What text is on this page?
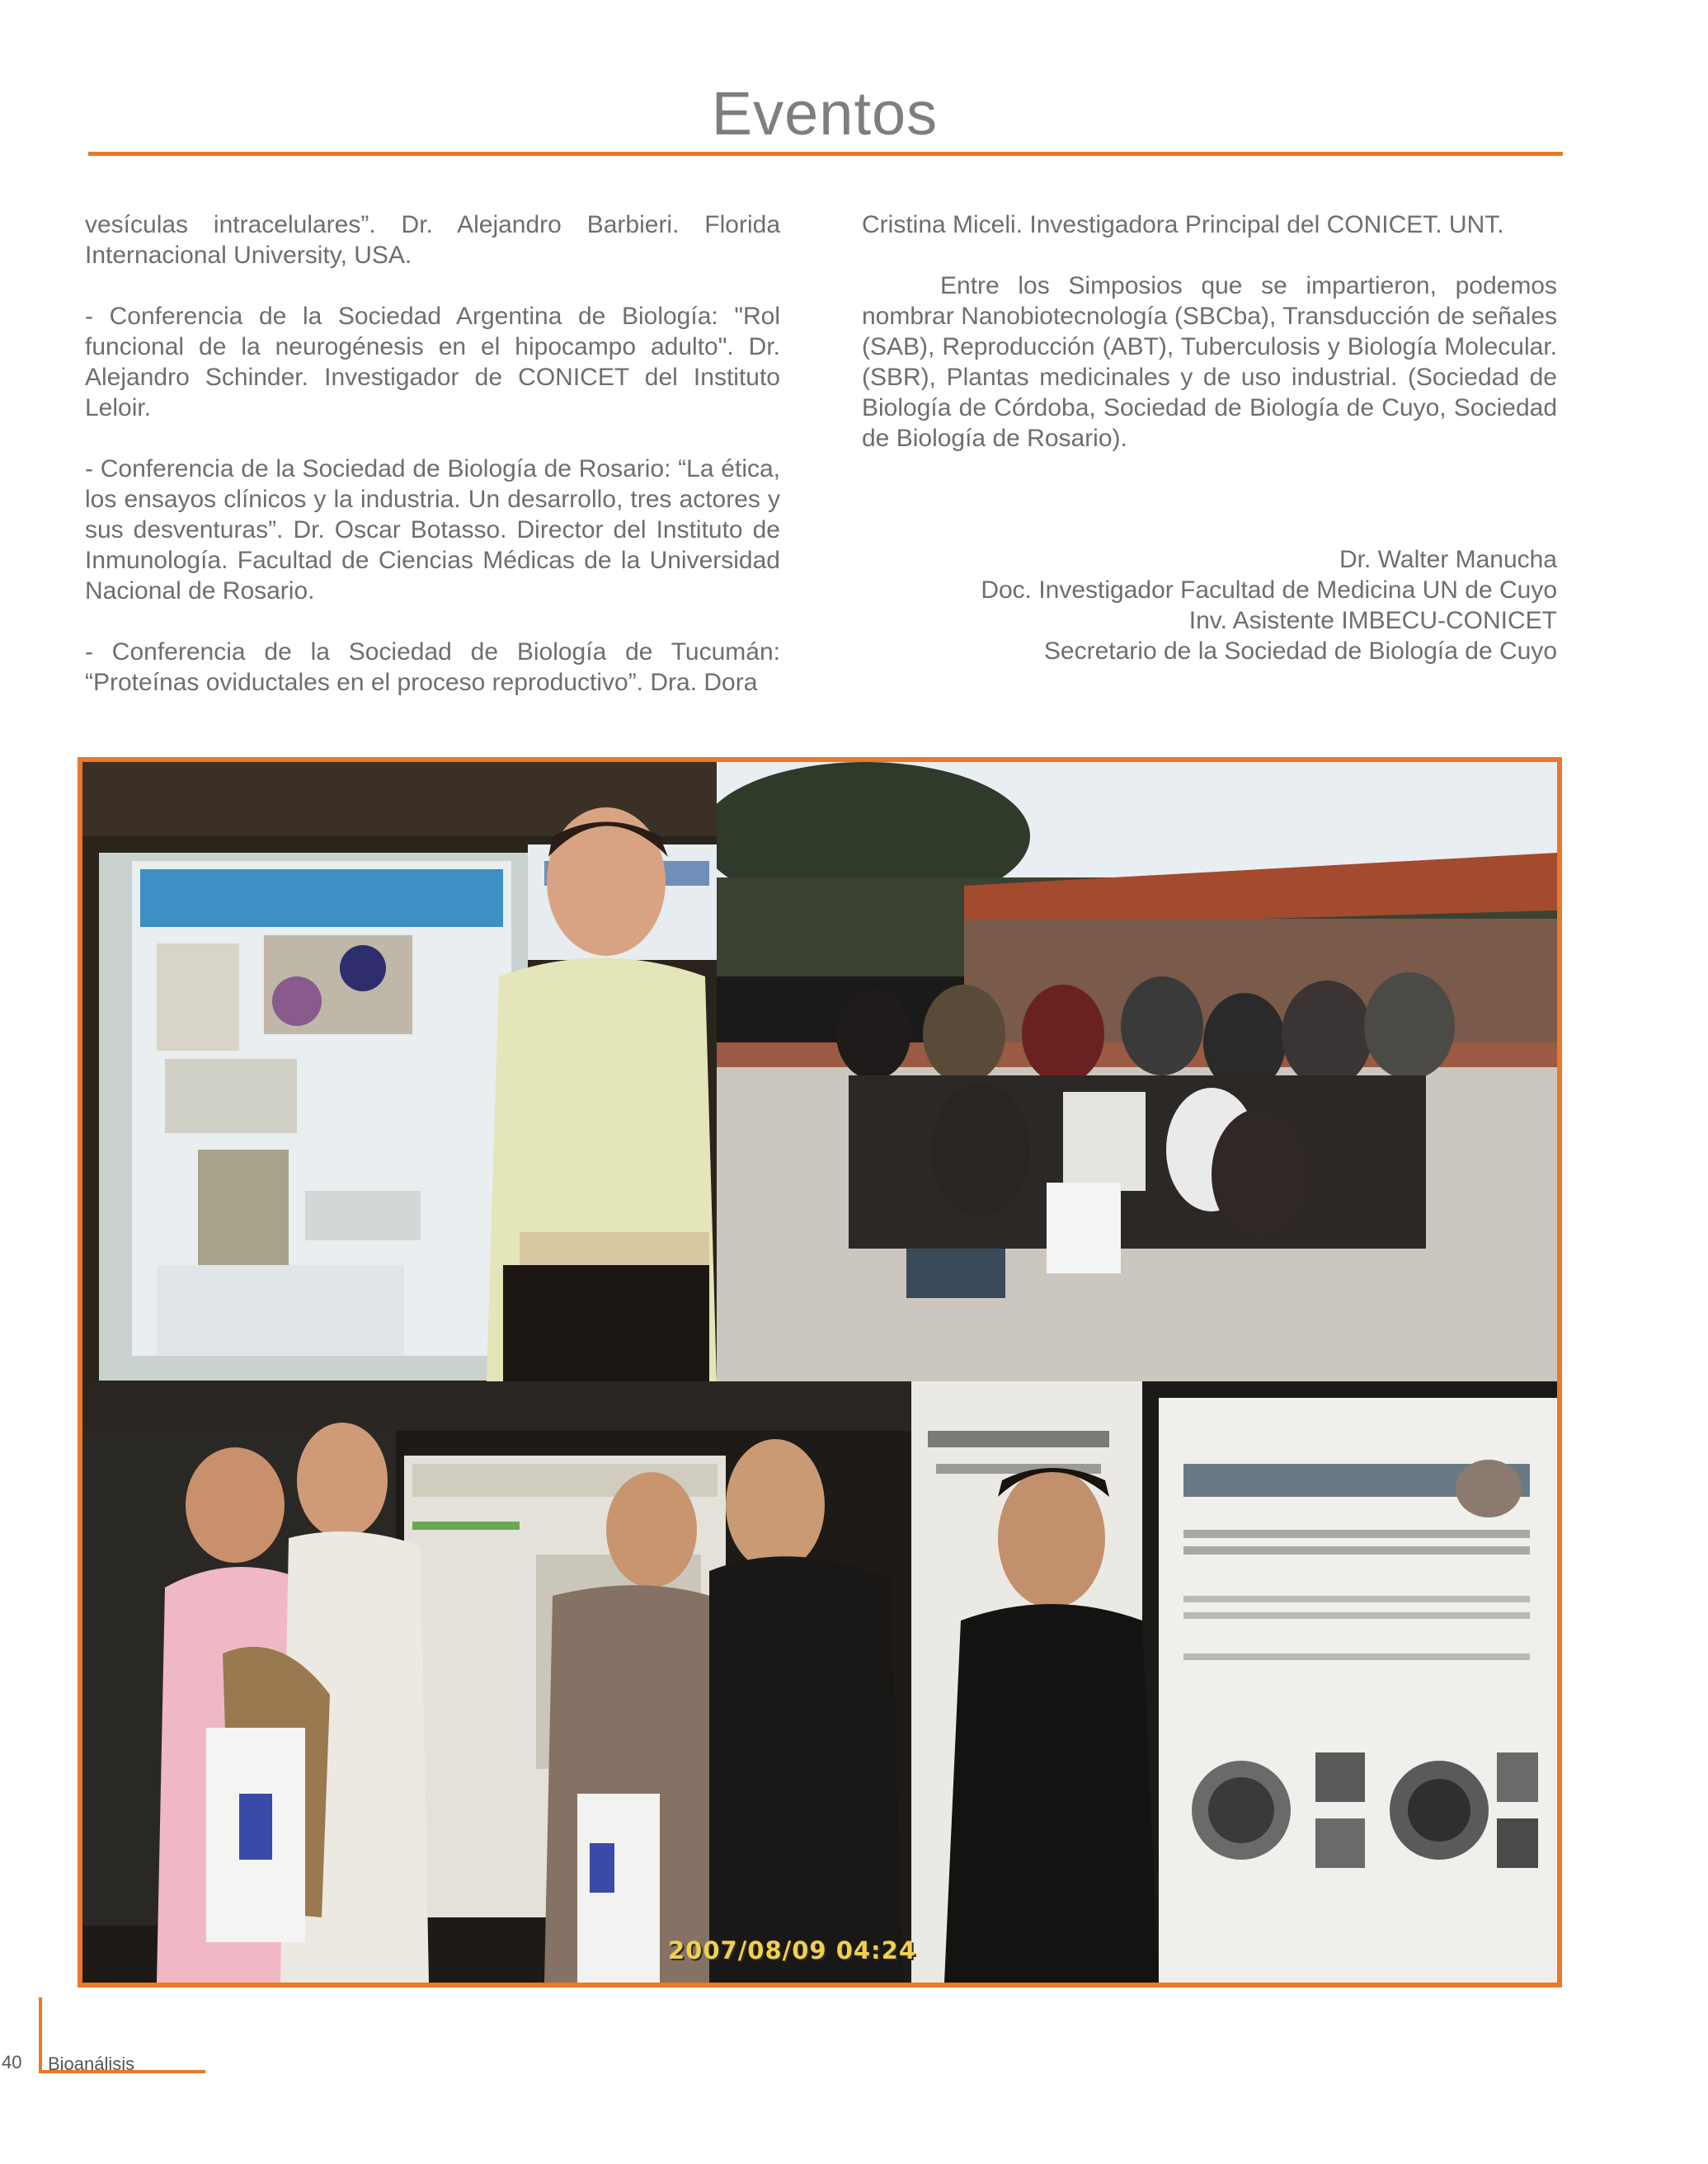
Eventos

vesículas intracelulares”. Dr. Alejandro Barbieri. Florida Internacional University, USA.

- Conferencia de la Sociedad Argentina de Biología: "Rol funcional de la neurogénesis en el hipocampo adulto". Dr. Alejandro Schinder. Investigador de CONICET del Instituto Leloir.

- Conferencia de la Sociedad de Biología de Rosario: “La ética, los ensayos clínicos y la industria. Un desarrollo, tres actores y sus desventuras”. Dr. Oscar Botasso. Director del Instituto de Inmunología. Facultad de Ciencias Médicas de la Universidad Nacional de Rosario.

- Conferencia de la Sociedad de Biología de Tucumán: “Proteínas oviductales en el proceso reproductivo”. Dra. Dora

Cristina Miceli. Investigadora Principal del CONICET. UNT.

Entre los Simposios que se impartieron, podemos nombrar Nanobiotecnología (SBCba), Transducción de señales (SAB), Reproducción (ABT), Tuberculosis y Biología Molecular. (SBR), Plantas medicinales y de uso industrial. (Sociedad de Biología de Córdoba, Sociedad de Biología de Cuyo, Sociedad de Biología de Rosario).

Dr. Walter Manucha
Doc. Investigador Facultad de Medicina UN de Cuyo
Inv. Asistente IMBECU-CONICET
Secretario de la Sociedad de Biología de Cuyo
2007/08/09 04:24
40 Bioanálisis
